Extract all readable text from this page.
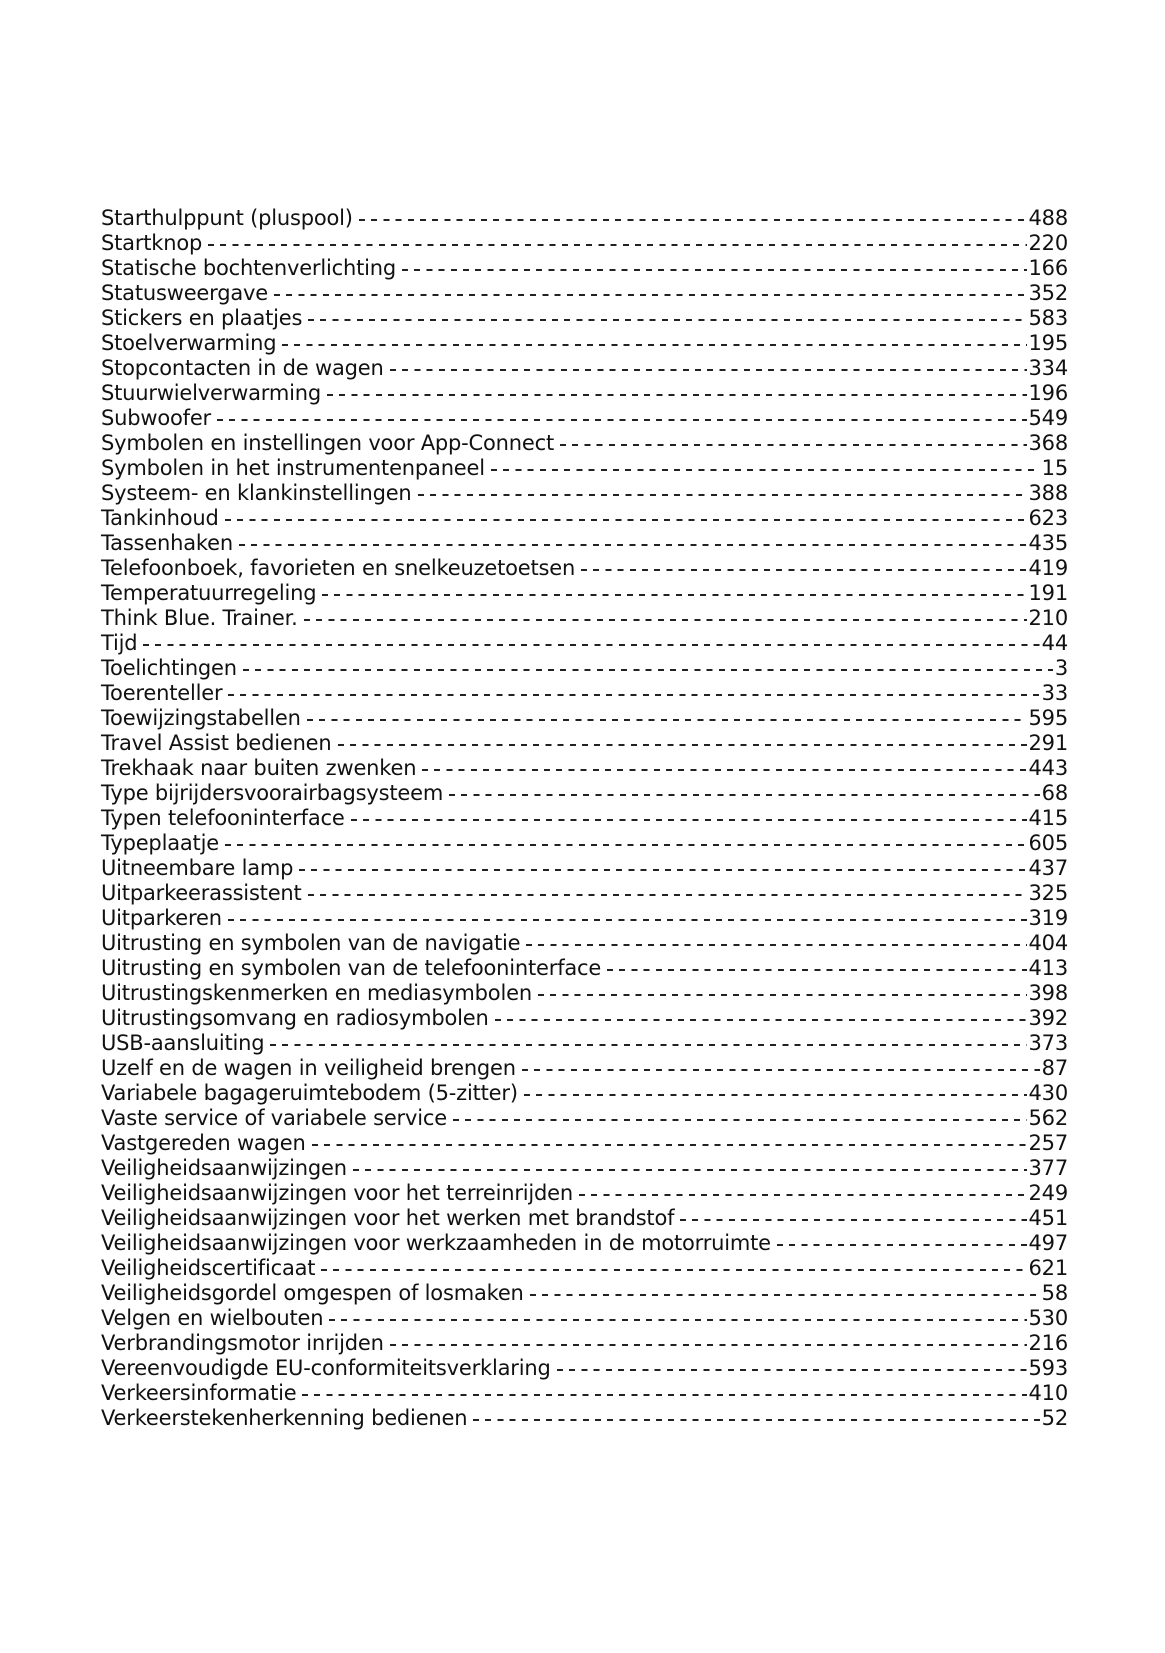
Starthulppunt (pluspool)	488
Startknop	220
Statische bochtenverlichting	166
Statusweergave	352
Stickers en plaatjes	583
Stoelverwarming	195
Stopcontacten in de wagen	334
Stuurwielverwarming	196
Subwoofer	549
Symbolen en instellingen voor App-Connect	368
Symbolen in het instrumentenpaneel	15
Systeem- en klankinstellingen	388
Tankinhoud	623
Tassenhaken	435
Telefoonboek, favorieten en snelkeuzetoetsen	419
Temperatuurregeling	191
Think Blue. Trainer.	210
Tijd	44
Toelichtingen	3
Toerenteller	33
Toewijzingstabellen	595
Travel Assist bedienen	291
Trekhaak naar buiten zwenken	443
Type bijrijdersvoorairbagsysteem	68
Typen telefooninterface	415
Typeplaatje	605
Uitneembare lamp	437
Uitparkeerassistent	325
Uitparkeren	319
Uitrusting en symbolen van de navigatie	404
Uitrusting en symbolen van de telefooninterface	413
Uitrustingskenmerken en mediasymbolen	398
Uitrustingsomvang en radiosymbolen	392
USB-aansluiting	373
Uzelf en de wagen in veiligheid brengen	87
Variabele bagageruimtebodem (5-zitter)	430
Vaste service of variabele service	562
Vastgereden wagen	257
Veiligheidsaanwijzingen	377
Veiligheidsaanwijzingen voor het terreinrijden	249
Veiligheidsaanwijzingen voor het werken met brandstof	451
Veiligheidsaanwijzingen voor werkzaamheden in de motorruimte	497
Veiligheidscertificaat	621
Veiligheidsgordel omgespen of losmaken	58
Velgen en wielbouten	530
Verbrandingsmotor inrijden	216
Vereenvoudigde EU-conformiteitsverklaring	593
Verkeersinformatie	410
Verkeerstekenherkenning bedienen	52
